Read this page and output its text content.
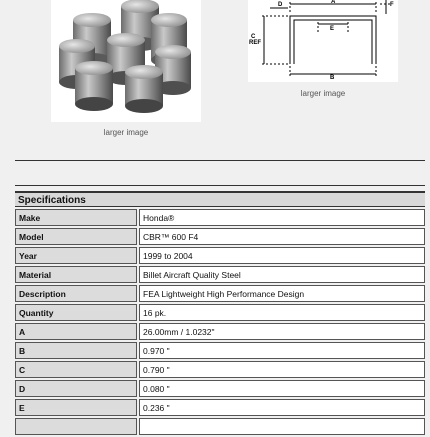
larger image
A
B
C
REF
D
E
F
larger image
Specifications
Make		Honda®
Model		CBR™ 600 F4
Year		1999 to 2004
Material		Billet Aircraft Quality Steel
Description		FEA Lightweight High Performance Design
Quantity		16 pk.
A		26.00mm / 1.0232"
B		0.970 "
C		0.790 "
D		0.080 "
E		0.236 "
